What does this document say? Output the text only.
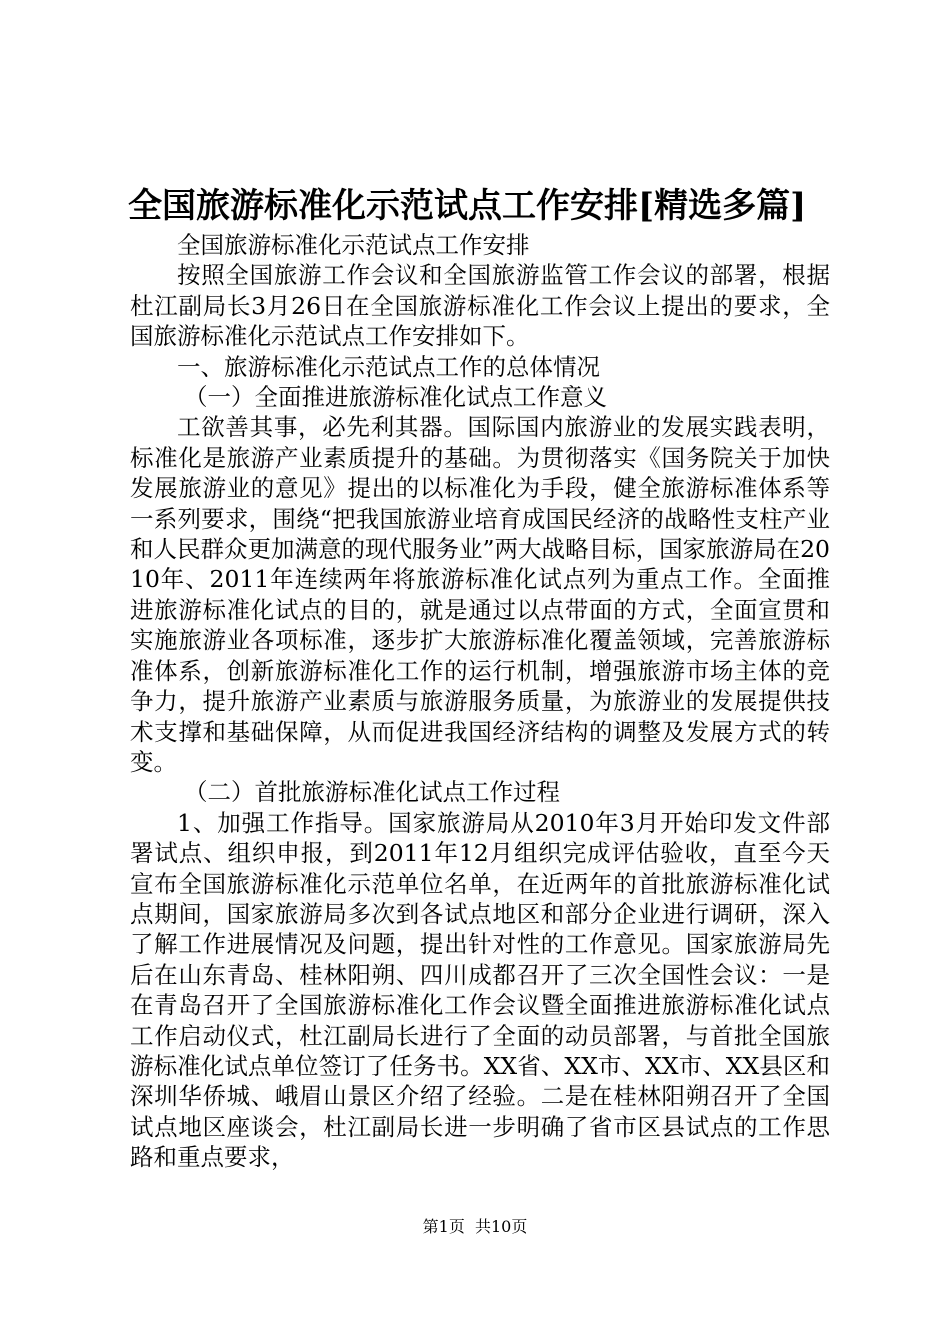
全国旅游标准化示范试点工作安排[精选多篇]

全国旅游标准化示范试点工作安排

按照全国旅游工作会议和全国旅游监管工作会议的部署，根据杜江副局长3月26日在全国旅游标准化工作会议上提出的要求，全国旅游标准化示范试点工作安排如下。

一、旅游标准化示范试点工作的总体情况

（一）全面推进旅游标准化试点工作意义

工欲善其事，必先利其器。国际国内旅游业的发展实践表明，标准化是旅游产业素质提升的基础。为贯彻落实《国务院关于加快发展旅游业的意见》提出的以标准化为手段，健全旅游标准体系等一系列要求，围绕“把我国旅游业培育成国民经济的战略性支柱产业和人民群众更加满意的现代服务业”两大战略目标，国家旅游局在2010年、2011年连续两年将旅游标准化试点列为重点工作。全面推进旅游标准化试点的目的，就是通过以点带面的方式，全面宣贯和实施旅游业各项标准，逐步扩大旅游标准化覆盖领域，完善旅游标准体系，创新旅游标准化工作的运行机制，增强旅游市场主体的竞争力，提升旅游产业素质与旅游服务质量，为旅游业的发展提供技术支撑和基础保障，从而促进我国经济结构的调整及发展方式的转变。

（二）首批旅游标准化试点工作过程

1、加强工作指导。国家旅游局从2010年3月开始印发文件部署试点、组织申报，到2011年12月组织完成评估验收，直至今天宣布全国旅游标准化示范单位名单，在近两年的首批旅游标准化试点期间，国家旅游局多次到各试点地区和部分企业进行调研，深入了解工作进展情况及问题，提出针对性的工作意见。国家旅游局先后在山东青岛、桂林阳朔、四川成都召开了三次全国性会议：一是在青岛召开了全国旅游标准化工作会议暨全面推进旅游标准化试点工作启动仪式，杜江副局长进行了全面的动员部署，与首批全国旅游标准化试点单位签订了任务书。XX省、XX市、XX市、XX县区和深圳华侨城、峨眉山景区介绍了经验。二是在桂林阳朔召开了全国试点地区座谈会，杜江副局长进一步明确了省市区县试点的工作思路和重点要求，

第1页  共10页
